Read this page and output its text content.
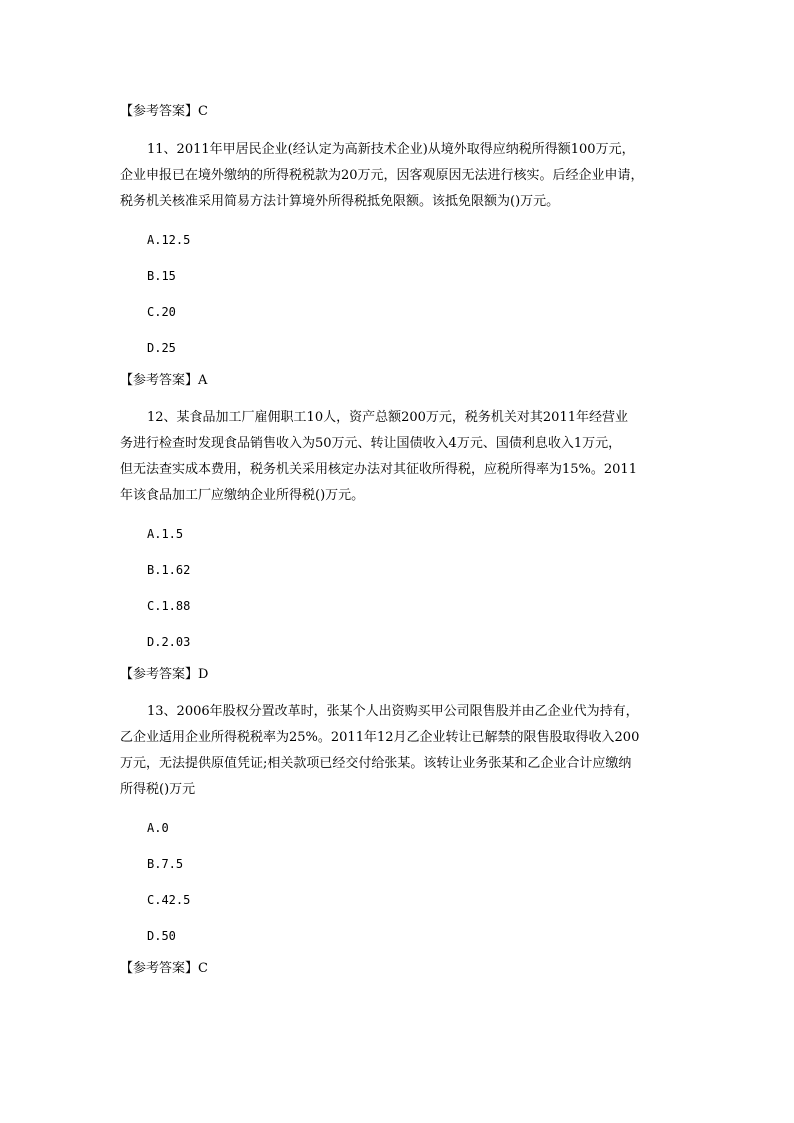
【参考答案】C
11、2011年甲居民企业(经认定为高新技术企业)从境外取得应纳税所得额100万元，
企业申报已在境外缴纳的所得税税款为20万元，因客观原因无法进行核实。后经企业申请，
税务机关核准采用简易方法计算境外所得税抵免限额。该抵免限额为()万元。
A.12.5
B.15
C.20
D.25
【参考答案】A
12、某食品加工厂雇佣职工10人，资产总额200万元，税务机关对其2011年经营业
务进行检查时发现食品销售收入为50万元、转让国债收入4万元、国债利息收入1万元，
但无法查实成本费用，税务机关采用核定办法对其征收所得税，应税所得率为15%。2011
年该食品加工厂应缴纳企业所得税()万元。
A.1.5
B.1.62
C.1.88
D.2.03
【参考答案】D
13、2006年股权分置改革时，张某个人出资购买甲公司限售股并由乙企业代为持有，
乙企业适用企业所得税税率为25%。2011年12月乙企业转让已解禁的限售股取得收入200
万元，无法提供原值凭证;相关款项已经交付给张某。该转让业务张某和乙企业合计应缴纳
所得税()万元
A.0
B.7.5
C.42.5
D.50
【参考答案】C
